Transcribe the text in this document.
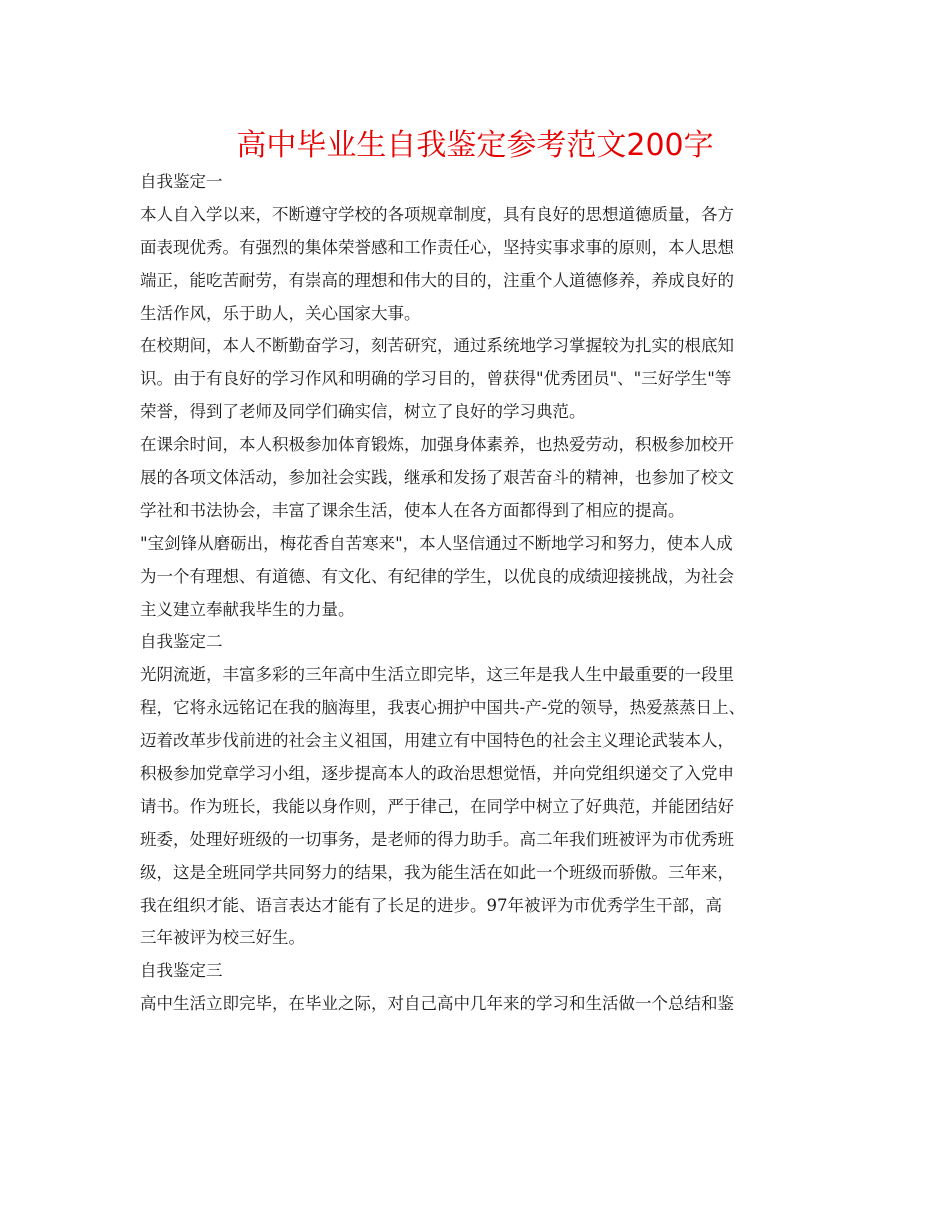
高中毕业生自我鉴定参考范文200字
自我鉴定一
本人自入学以来，不断遵守学校的各项规章制度，具有良好的思想道德质量，各方
面表现优秀。有强烈的集体荣誉感和工作责任心，坚持实事求事的原则，本人思想
端正，能吃苦耐劳，有崇高的理想和伟大的目的，注重个人道德修养，养成良好的
生活作风，乐于助人，关心国家大事。
在校期间，本人不断勤奋学习，刻苦研究，通过系统地学习掌握较为扎实的根底知
识。由于有良好的学习作风和明确的学习目的，曾获得"优秀团员"、"三好学生"等
荣誉，得到了老师及同学们确实信，树立了良好的学习典范。
在课余时间，本人积极参加体育锻炼，加强身体素养，也热爱劳动，积极参加校开
展的各项文体活动，参加社会实践，继承和发扬了艰苦奋斗的精神，也参加了校文
学社和书法协会，丰富了课余生活，使本人在各方面都得到了相应的提高。
"宝剑锋从磨砺出，梅花香自苦寒来"，本人坚信通过不断地学习和努力，使本人成
为一个有理想、有道德、有文化、有纪律的学生，以优良的成绩迎接挑战，为社会
主义建立奉献我毕生的力量。
自我鉴定二
光阴流逝，丰富多彩的三年高中生活立即完毕，这三年是我人生中最重要的一段里
程，它将永远铭记在我的脑海里，我衷心拥护中国共-产-党的领导，热爱蒸蒸日上、
迈着改革步伐前进的社会主义祖国，用建立有中国特色的社会主义理论武装本人，
积极参加党章学习小组，逐步提高本人的政治思想觉悟，并向党组织递交了入党申
请书。作为班长，我能以身作则，严于律己，在同学中树立了好典范，并能团结好
班委，处理好班级的一切事务，是老师的得力助手。高二年我们班被评为市优秀班
级，这是全班同学共同努力的结果，我为能生活在如此一个班级而骄傲。三年来，
我在组织才能、语言表达才能有了长足的进步。97年被评为市优秀学生干部，高
三年被评为校三好生。
自我鉴定三
高中生活立即完毕，在毕业之际，对自己高中几年来的学习和生活做一个总结和鉴
